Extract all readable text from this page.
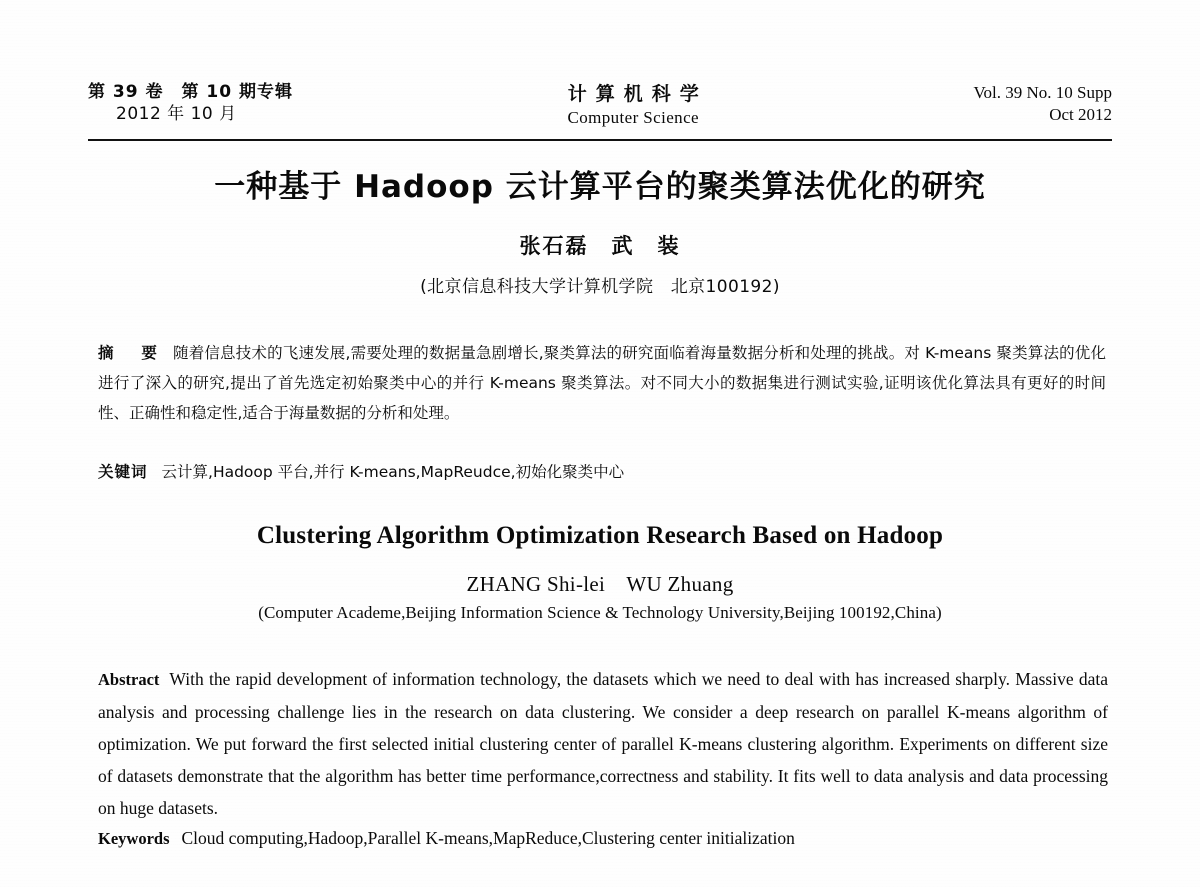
第 39 卷　第 10 期专辑
2012 年 10 月
计算机科学
Computer Science
Vol. 39 No. 10 Supp
Oct 2012
一种基于 Hadoop 云计算平台的聚类算法优化的研究
张石磊　武　装
(北京信息科技大学计算机学院　北京100192)

摘　要 随着信息技术的飞速发展,需要处理的数据量急剧增长,聚类算法的研究面临着海量数据分析和处理的挑战。对 K-means 聚类算法的优化进行了深入的研究,提出了首先选定初始聚类中心的并行 K-means 聚类算法。对不同大小的数据集进行测试实验,证明该优化算法具有更好的时间性、正确性和稳定性,适合于海量数据的分析和处理。

关键词 云计算,Hadoop 平台,并行 K-means,MapReudce,初始化聚类中心
Clustering Algorithm Optimization Research Based on Hadoop
ZHANG Shi-lei　WU Zhuang
(Computer Academe,Beijing Information Science & Technology University,Beijing 100192,China)

Abstract With the rapid development of information technology, the datasets which we need to deal with has increased sharply. Massive data analysis and processing challenge lies in the research on data clustering. We consider a deep research on parallel K-means algorithm of optimization. We put forward the first selected initial clustering center of parallel K-means clustering algorithm. Experiments on different size of datasets demonstrate that the algorithm has better time performance,correctness and stability. It fits well to data analysis and data processing on huge datasets.

Keywords Cloud computing,Hadoop,Parallel K-means,MapReduce,Clustering center initialization
